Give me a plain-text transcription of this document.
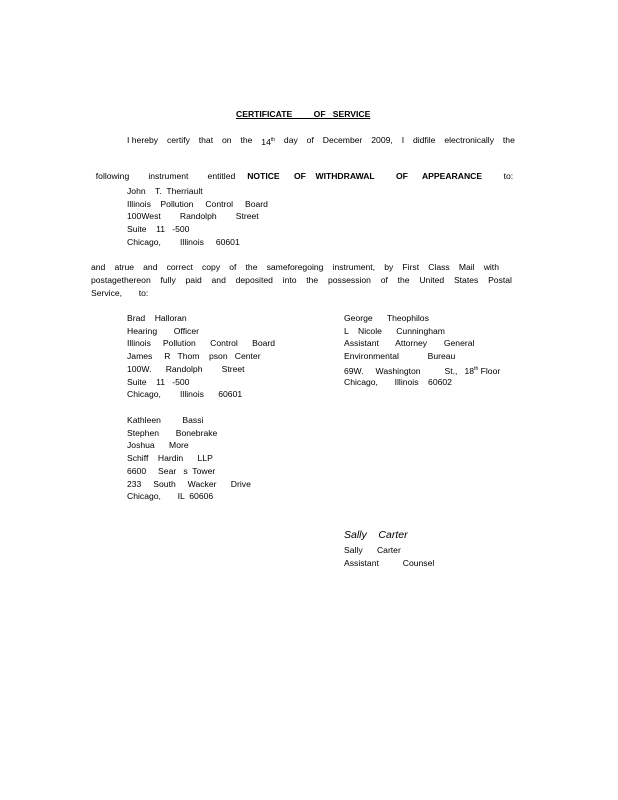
CERTIFICATE         OF   SERVICE
I hereby certify that on the 14th day of December 2009, I didfile electronically the

following        instrument        entitled     NOTICE      OF    WITHDRAWAL         OF      APPEARANCE         to:

John    T.  Therriault
Illinois    Pollution     Control     Board
100West        Randolph        Street
Suite    11   -500
Chicago,        Illinois     60601
and atrue and correct copy of the sameforegoing instrument, by First Class Mail with
postagethereon fully paid and deposited into the possession of the United States Postal
Service,       to:
Brad    Halloran
Hearing       Officer
Illinois     Pollution      Control      Board
James     R   Thom    pson   Center
100W.      Randolph        Street
Suite    11   -500
Chicago,        Illinois      60601
Kathleen         Bassi
Stephen       Bonebrake
Joshua      More
Schiff    Hardin      LLP
6600     Sear   s  Tower
233     South     Wacker      Drive
Chicago,       IL  60606
George      Theophilos
L    Nicole      Cunningham
Assistant       Attorney       General
Environmental            Bureau
69W.     Washington          St.,   18th Floor
Chicago,       Illinois    60602
Sally    Carter
Sally      Carter
Assistant          Counsel
